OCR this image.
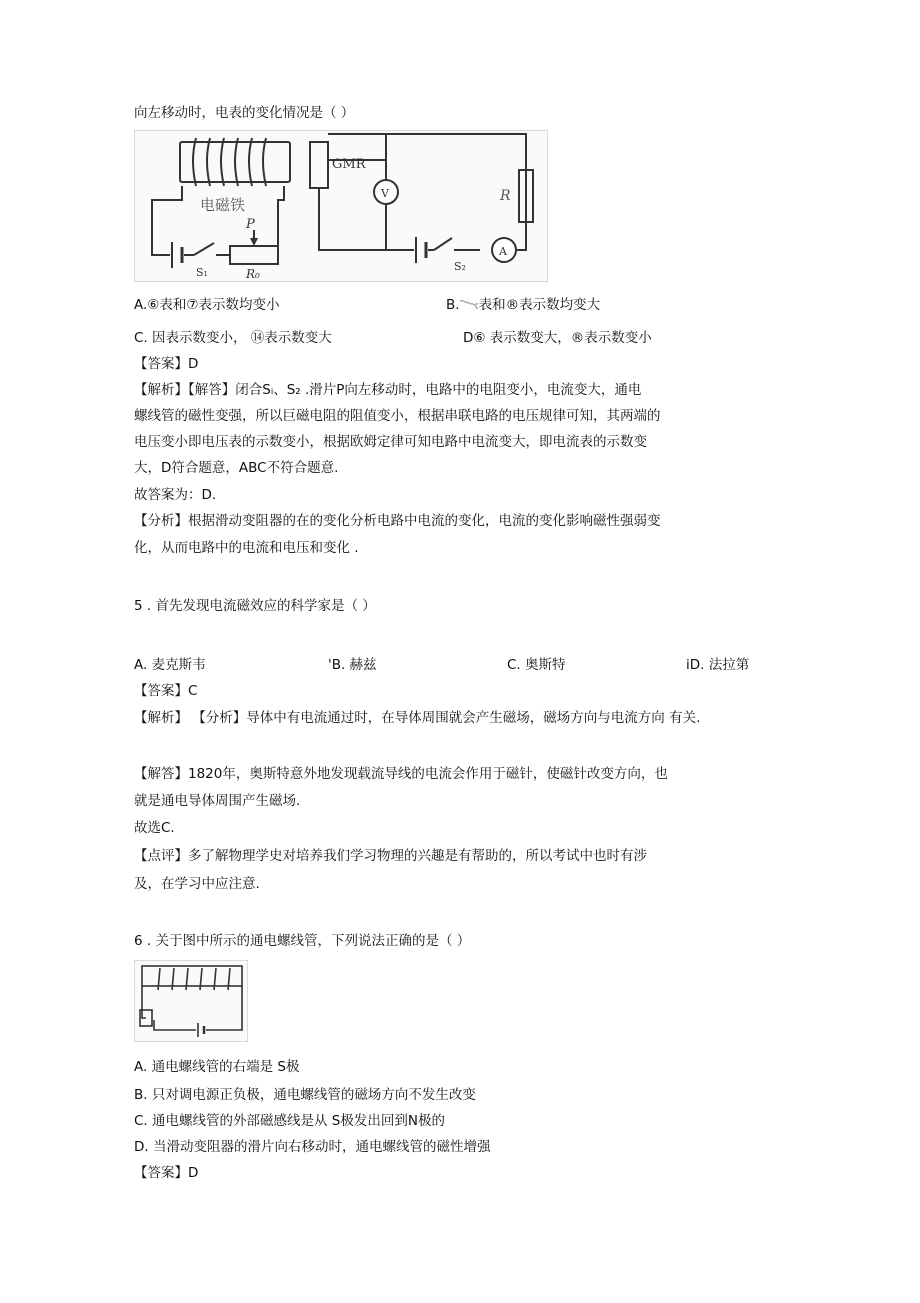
向左移动时，电表的变化情况是（ ）
电磁铁
P
R₀
S₁
GMR
R
S₂
V
A
A.⑥表和⑦表示数均变小	B.𓏱表和®表示数均变大
C. 因表示数变小， ⑭表示数变大	D⑥ 表示数变大，®表示数变小
【答案】D
【解析】【解答】闭合Sᵢ、S₂ .滑片P向左移动时，电路中的电阻变小，电流变大，通电
螺线管的磁性变强，所以巨磁电阻的阻值变小，根据串联电路的电压规律可知，其两端的
电压变小即电压表的示数变小，根据欧姆定律可知电路中电流变大，即电流表的示数变
大，D符合题意，ABC不符合题意.
故答案为：D.
【分析】根据滑动变阻器的在的变化分析电路中电流的变化，电流的变化影响磁性强弱变
化，从而电路中的电流和电压和变化 .
5 . 首先发现电流磁效应的科学家是（ ）
A. 麦克斯韦	'B. 赫兹	C. 奥斯特	iD. 法拉第
【答案】C
【解析】 【分析】导体中有电流通过时，在导体周围就会产生磁场，磁场方向与电流方向 有关.
【解答】1820年，奥斯特意外地发现载流导线的电流会作用于磁针，使磁针改变方向，也
就是通电导体周围产生磁场.
故选C.
【点评】多了解物理学史对培养我们学习物理的兴趣是有帮助的，所以考试中也时有涉
及，在学习中应注意.
6 . 关于图中所示的通电螺线管，下列说法正确的是（ ）
A. 通电螺线管的右端是 S极
B. 只对调电源正负极，通电螺线管的磁场方向不发生改变
C. 通电螺线管的外部磁感线是从 S极发出回到N极的
D. 当滑动变阻器的滑片向右移动时，通电螺线管的磁性增强
【答案】D
